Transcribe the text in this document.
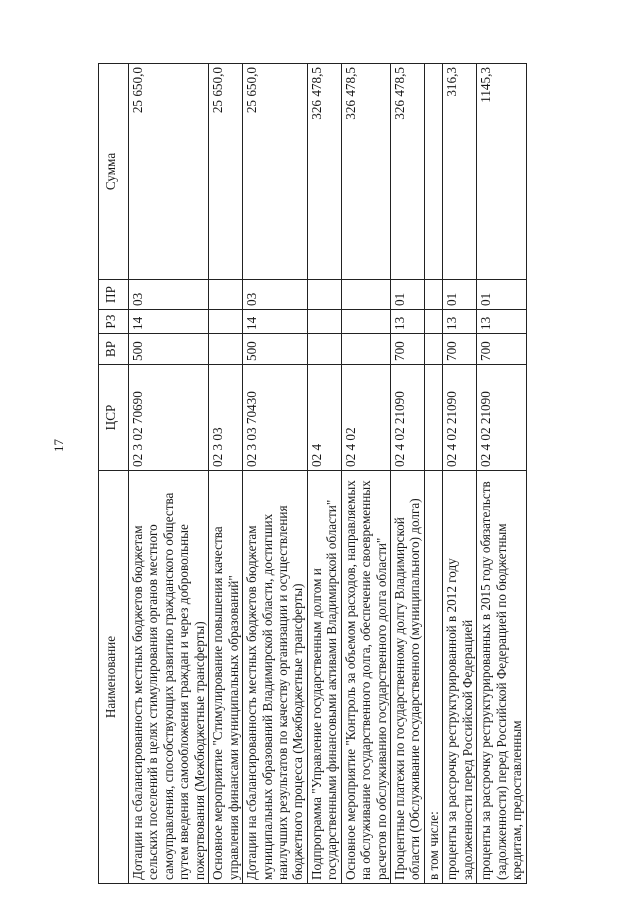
17
Наименование	ЦСР	ВР	РЗ	ПР	Сумма
Дотации на сбалансированность местных бюджетов бюджетам сельских поселений в целях стимулирования органов местного самоуправления, способствующих развитию гражданского общества путем введения самообложения граждан и через добровольные пожертвования (Межбюджетные трансферты)	02 3 02 70690	500	14	03	25 650,0
Основное мероприятие "Стимулирование повышения качества управления финансами муниципальных образований"	02 3 03				25 650,0
Дотации на сбалансированность местных бюджетов бюджетам муниципальных образований Владимирской области, достигших наилучших результатов по качеству организации и осуществления бюджетного процесса (Межбюджетные трансферты)	02 3 03 70430	500	14	03	25 650,0
Подпрограмма "Управление государственным долгом и государственными финансовыми активами Владимирской области"	02 4				326 478,5
Основное мероприятие "Контроль за объемом расходов, направляемых на обслуживание государственного долга, обеспечение своевременных расчетов по обслуживанию государственного долга области"	02 4 02				326 478,5
Процентные платежи по государственному долгу Владимирской области (Обслуживание государственного (муниципального) долга)	02 4 02 21090	700	13	01	326 478,5
в том числе:					
проценты за рассрочку реструктурированной в 2012 году задолженности перед Российской Федерацией	02 4 02 21090	700	13	01	316,3
проценты за рассрочку реструктурированных в 2015 году обязательств (задолженности) перед Российской Федерацией по бюджетным кредитам, предоставленным	02 4 02 21090	700	13	01	1145,3
